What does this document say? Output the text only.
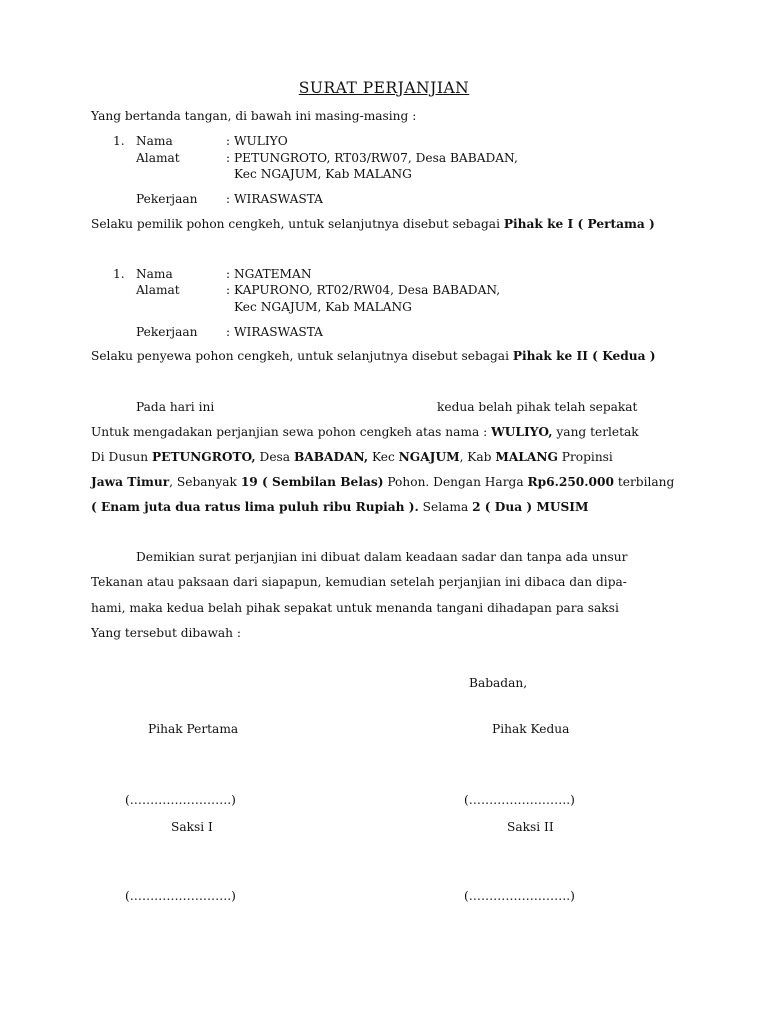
SURAT PERJANJIAN
Yang bertanda tangan, di bawah ini masing-masing :
1. Nama	: WULIYO
Alamat	: PETUNGROTO, RT03/RW07, Desa BABADAN,
Kec NGAJUM, Kab MALANG
Pekerjaan : WIRASWASTA
Selaku pemilik pohon cengkeh, untuk selanjutnya disebut sebagai Pihak ke I ( Pertama )
1. Nama	: NGATEMAN
Alamat	: KAPURONO, RT02/RW04, Desa BABADAN,
Kec NGAJUM, Kab MALANG
Pekerjaan : WIRASWASTA
Selaku penyewa pohon cengkeh, untuk selanjutnya disebut sebagai Pihak ke II ( Kedua )
Pada hari ini	kedua belah pihak telah sepakat
Untuk mengadakan perjanjian sewa pohon cengkeh atas nama : WULIYO, yang terletak
Di Dusun PETUNGROTO, Desa BABADAN, Kec NGAJUM, Kab MALANG Propinsi
Jawa Timur, Sebanyak 19 ( Sembilan Belas) Pohon. Dengan Harga Rp6.250.000 terbilang
( Enam juta dua ratus lima puluh ribu Rupiah ). Selama 2 ( Dua ) MUSIM
Demikian surat perjanjian ini dibuat dalam keadaan sadar dan tanpa ada unsur
Tekanan atau paksaan dari siapapun, kemudian setelah perjanjian ini dibaca dan dipa-
hami, maka kedua belah pihak sepakat untuk menanda tangani dihadapan para saksi
Yang tersebut dibawah :
Babadan,
Pihak Pertama	Pihak Kedua
(…………………….)	(…………………….)
Saksi I	Saksi II
(…………………….)	(…………………….)
